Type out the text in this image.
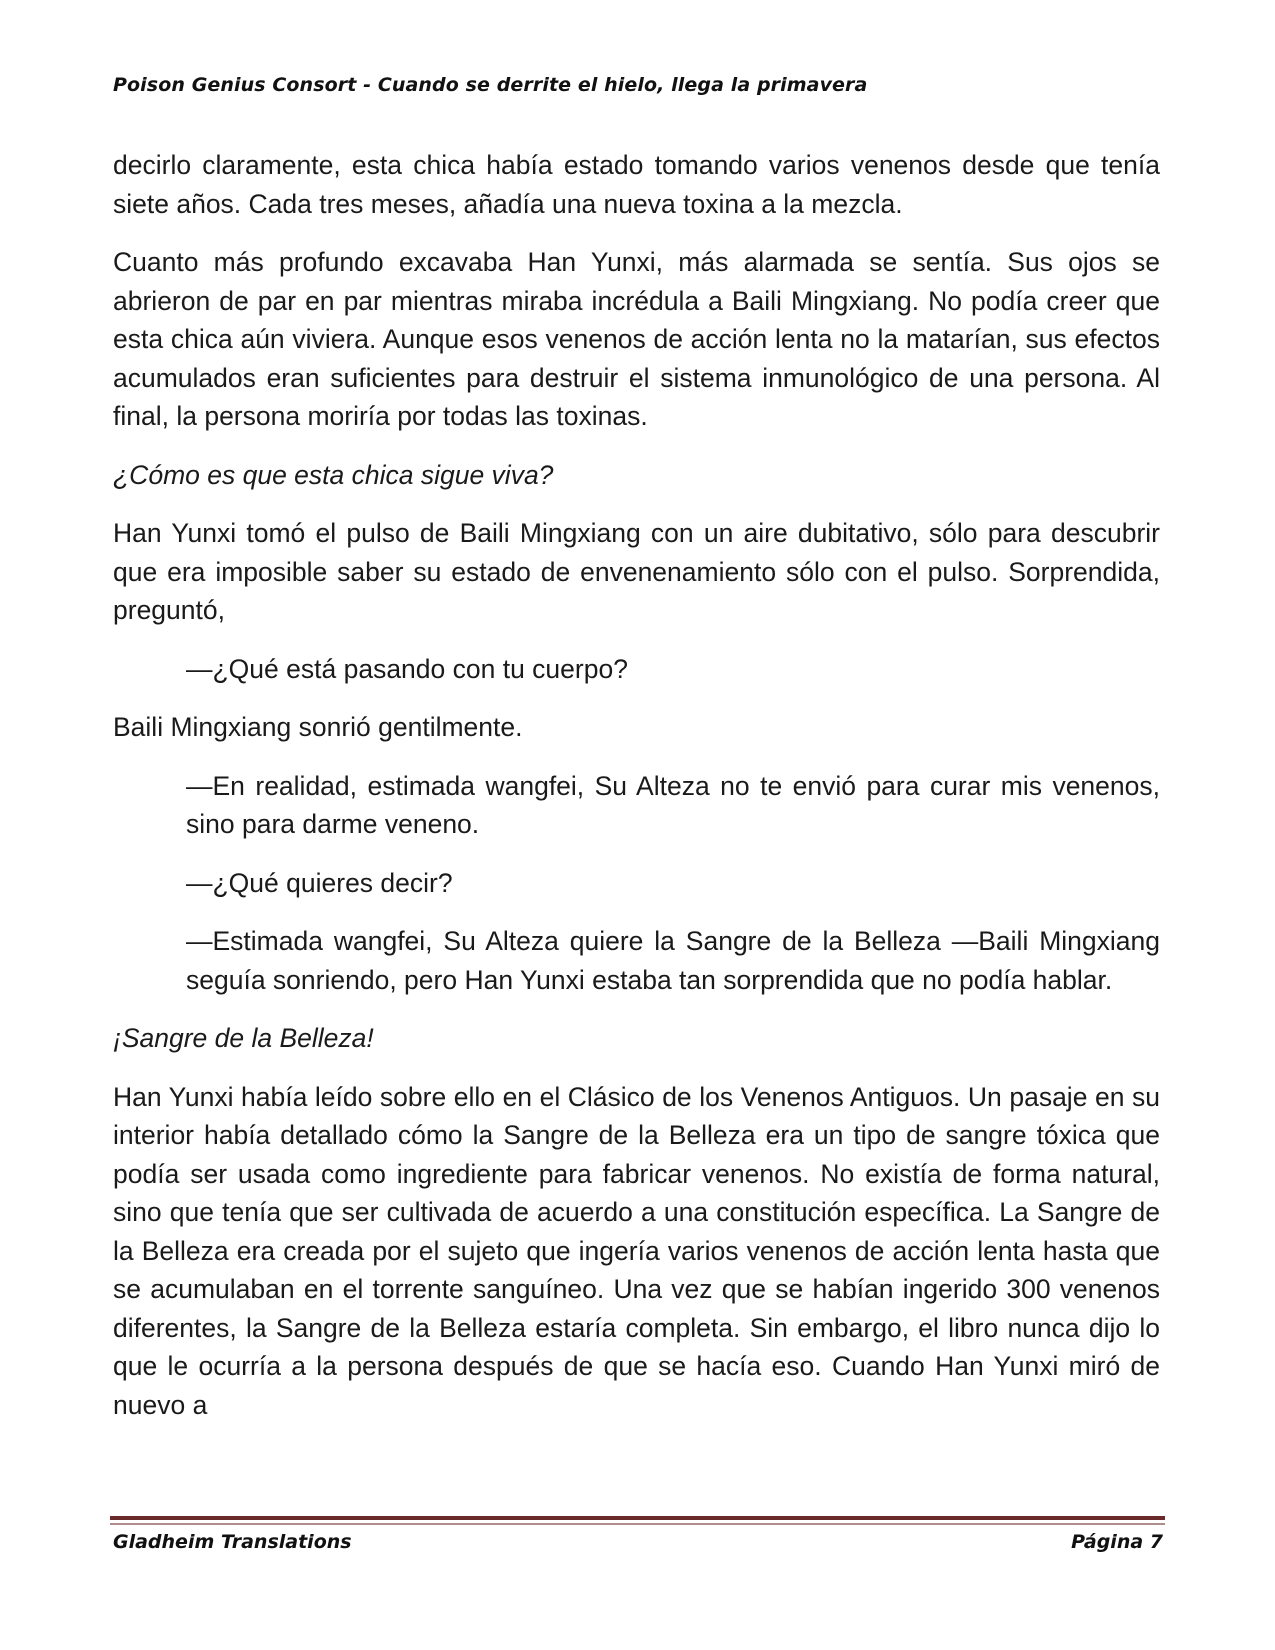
Poison Genius Consort - Cuando se derrite el hielo, llega la primavera

decirlo claramente, esta chica había estado tomando varios venenos desde que tenía siete años. Cada tres meses, añadía una nueva toxina a la mezcla.

Cuanto más profundo excavaba Han Yunxi, más alarmada se sentía. Sus ojos se abrieron de par en par mientras miraba incrédula a Baili Mingxiang. No podía creer que esta chica aún viviera. Aunque esos venenos de acción lenta no la matarían, sus efectos acumulados eran suficientes para destruir el sistema inmunológico de una persona. Al final, la persona moriría por todas las toxinas.

¿Cómo es que esta chica sigue viva?

Han Yunxi tomó el pulso de Baili Mingxiang con un aire dubitativo, sólo para descubrir que era imposible saber su estado de envenenamiento sólo con el pulso. Sorprendida, preguntó,

—¿Qué está pasando con tu cuerpo?

Baili Mingxiang sonrió gentilmente.

—En realidad, estimada wangfei, Su Alteza no te envió para curar mis venenos, sino para darme veneno.

—¿Qué quieres decir?

—Estimada wangfei, Su Alteza quiere la Sangre de la Belleza —Baili Mingxiang seguía sonriendo, pero Han Yunxi estaba tan sorprendida que no podía hablar.

¡Sangre de la Belleza!

Han Yunxi había leído sobre ello en el Clásico de los Venenos Antiguos. Un pasaje en su interior había detallado cómo la Sangre de la Belleza era un tipo de sangre tóxica que podía ser usada como ingrediente para fabricar venenos. No existía de forma natural, sino que tenía que ser cultivada de acuerdo a una constitución específica. La Sangre de la Belleza era creada por el sujeto que ingería varios venenos de acción lenta hasta que se acumulaban en el torrente sanguíneo. Una vez que se habían ingerido 300 venenos diferentes, la Sangre de la Belleza estaría completa. Sin embargo, el libro nunca dijo lo que le ocurría a la persona después de que se hacía eso. Cuando Han Yunxi miró de nuevo a

Gladheim Translations	Página 7
